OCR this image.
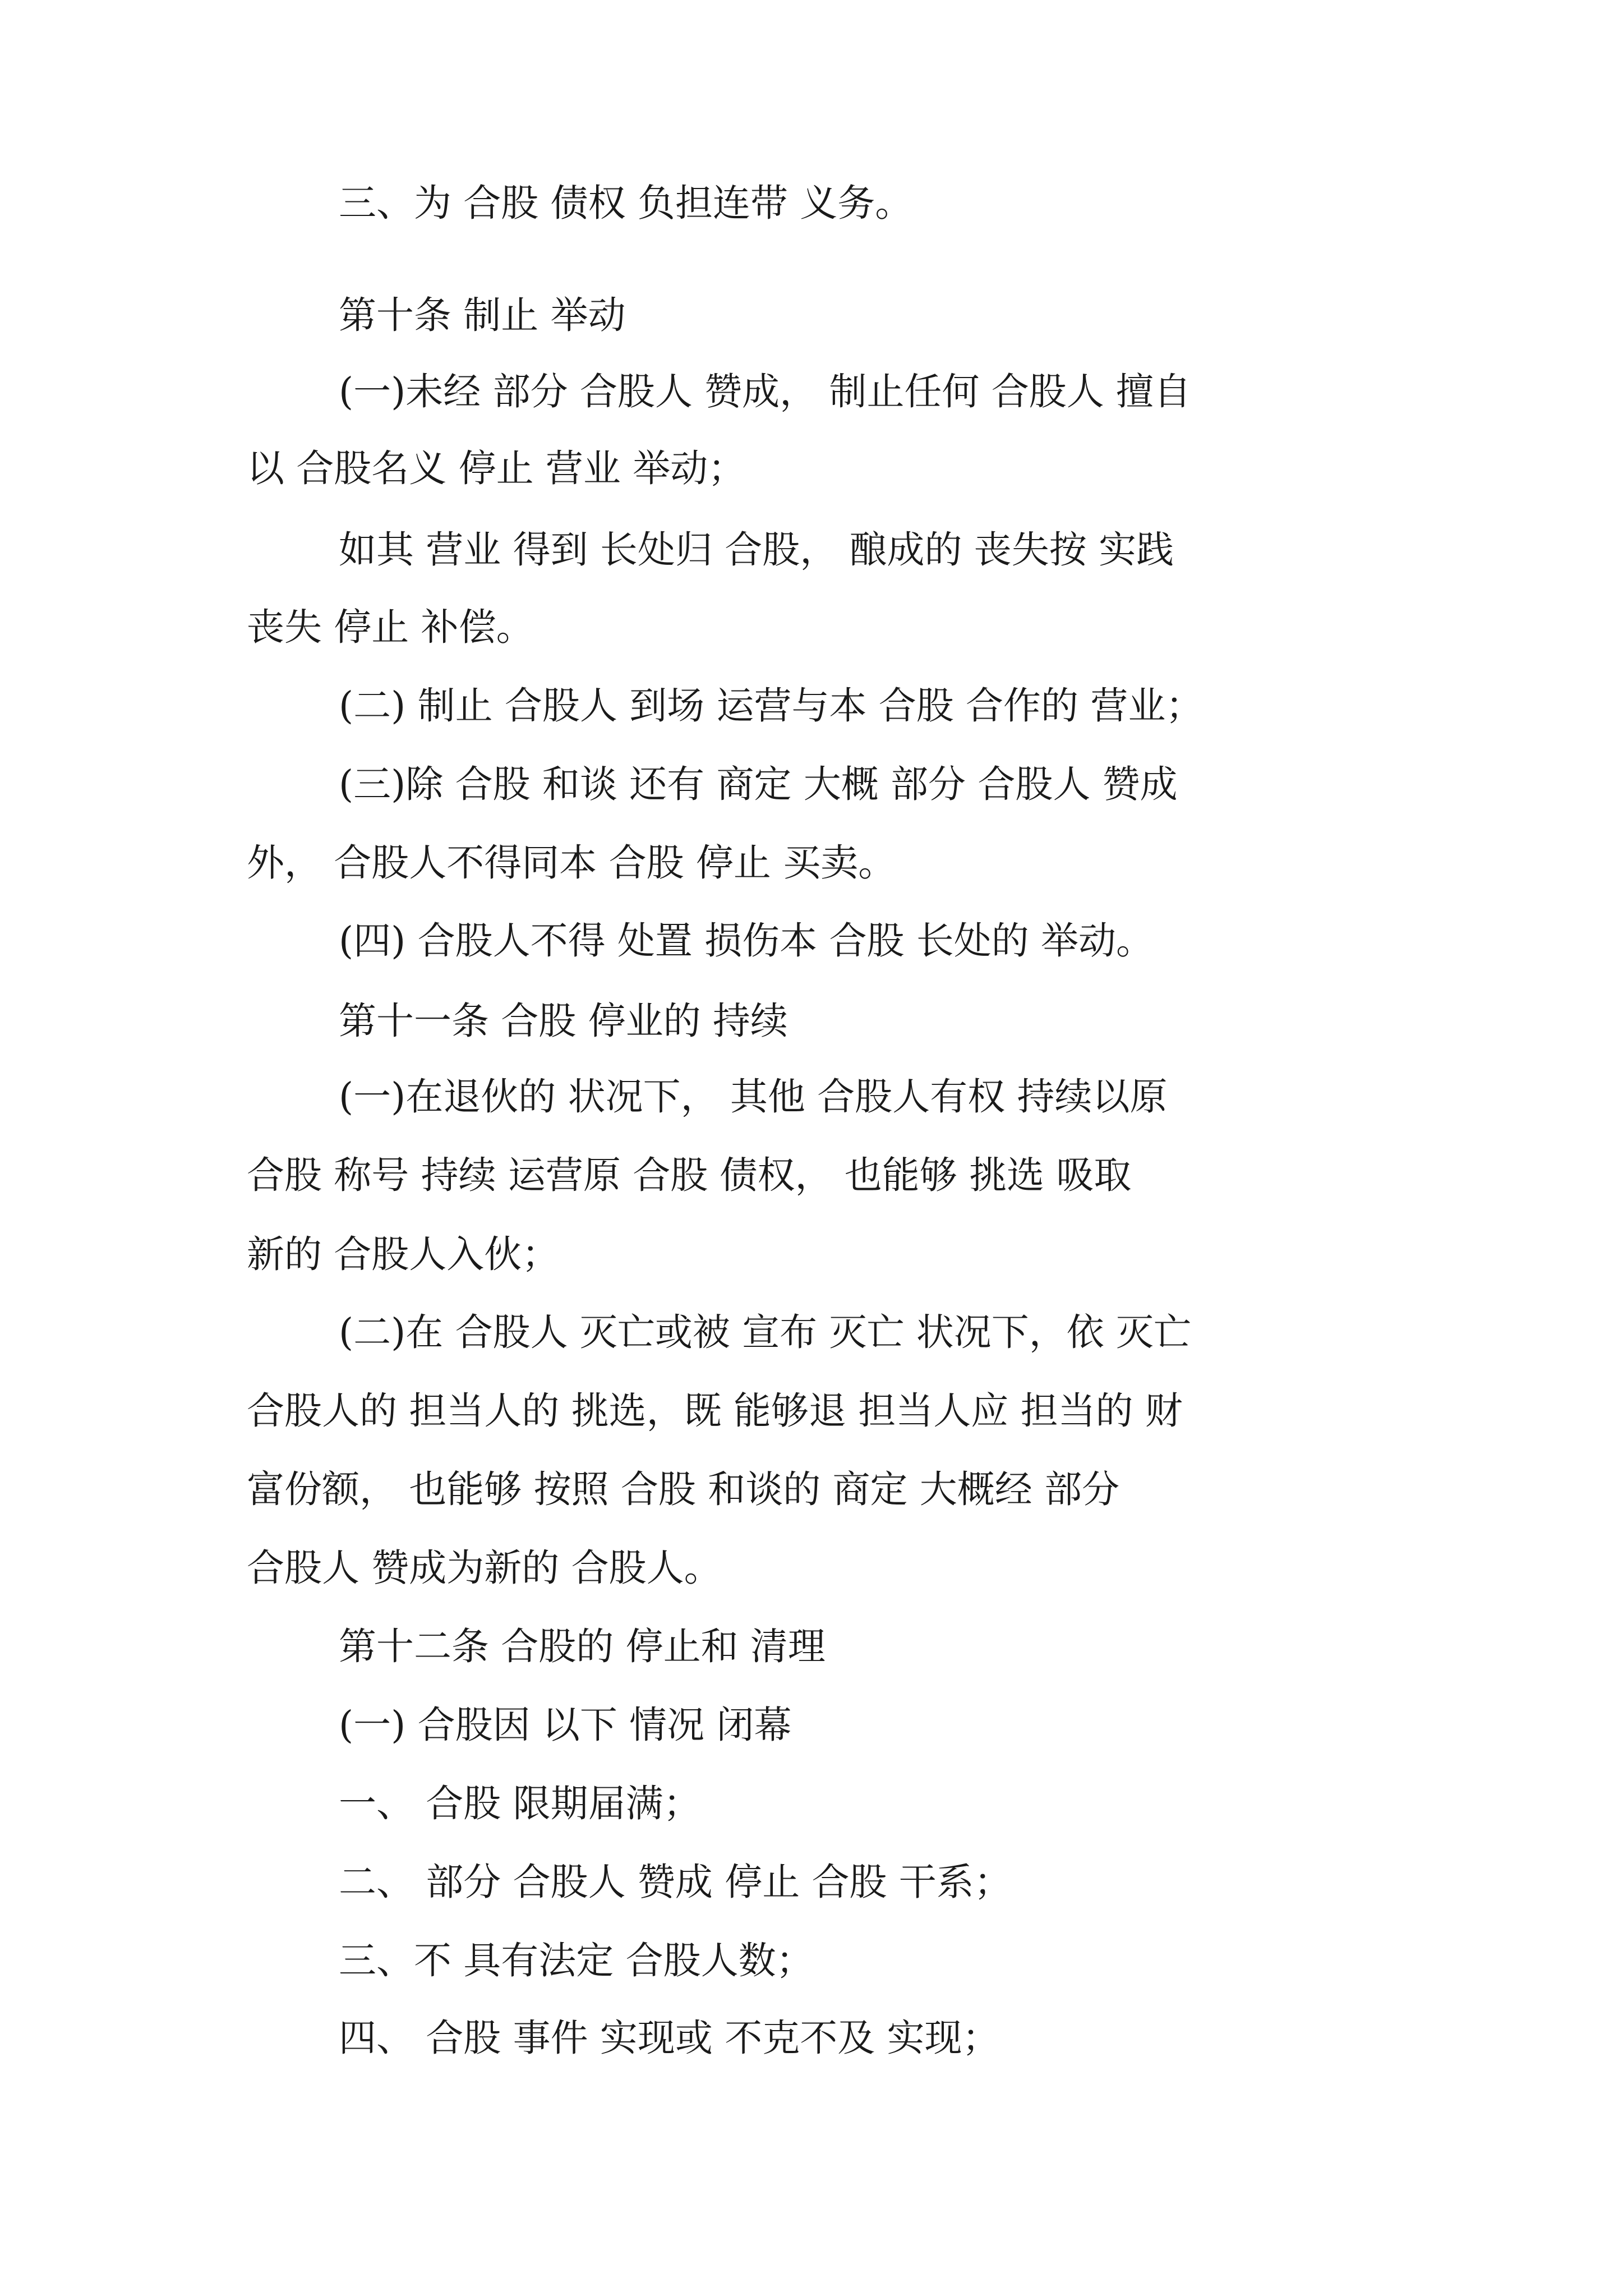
三、为 合股 债权 负担连带 义务。
第十条 制止 举动
(一)未经 部分 合股人 赞成， 制止任何 合股人 擅自
以 合股名义 停止 营业 举动；
如其 营业 得到 长处归 合股， 酿成的 丧失按 实践
丧失 停止 补偿。
(二) 制止 合股人 到场 运营与本 合股 合作的 营业；
(三)除 合股 和谈 还有 商定 大概 部分 合股人 赞成
外， 合股人不得同本 合股 停止 买卖。
(四) 合股人不得 处置 损伤本 合股 长处的 举动。
第十一条 合股 停业的 持续
(一)在退伙的 状况下， 其他 合股人有权 持续以原
合股 称号 持续 运营原 合股 债权， 也能够 挑选 吸取
新的 合股人入伙；
(二)在 合股人 灭亡或被 宣布 灭亡 状况下，依 灭亡
合股人的 担当人的 挑选，既 能够退 担当人应 担当的 财
富份额， 也能够 按照 合股 和谈的 商定 大概经 部分
合股人 赞成为新的 合股人。
第十二条 合股的 停止和 清理
(一) 合股因 以下 情况 闭幕
一、 合股 限期届满；
二、 部分 合股人 赞成 停止 合股 干系；
三、不 具有法定 合股人数；
四、 合股 事件 实现或 不克不及 实现；
